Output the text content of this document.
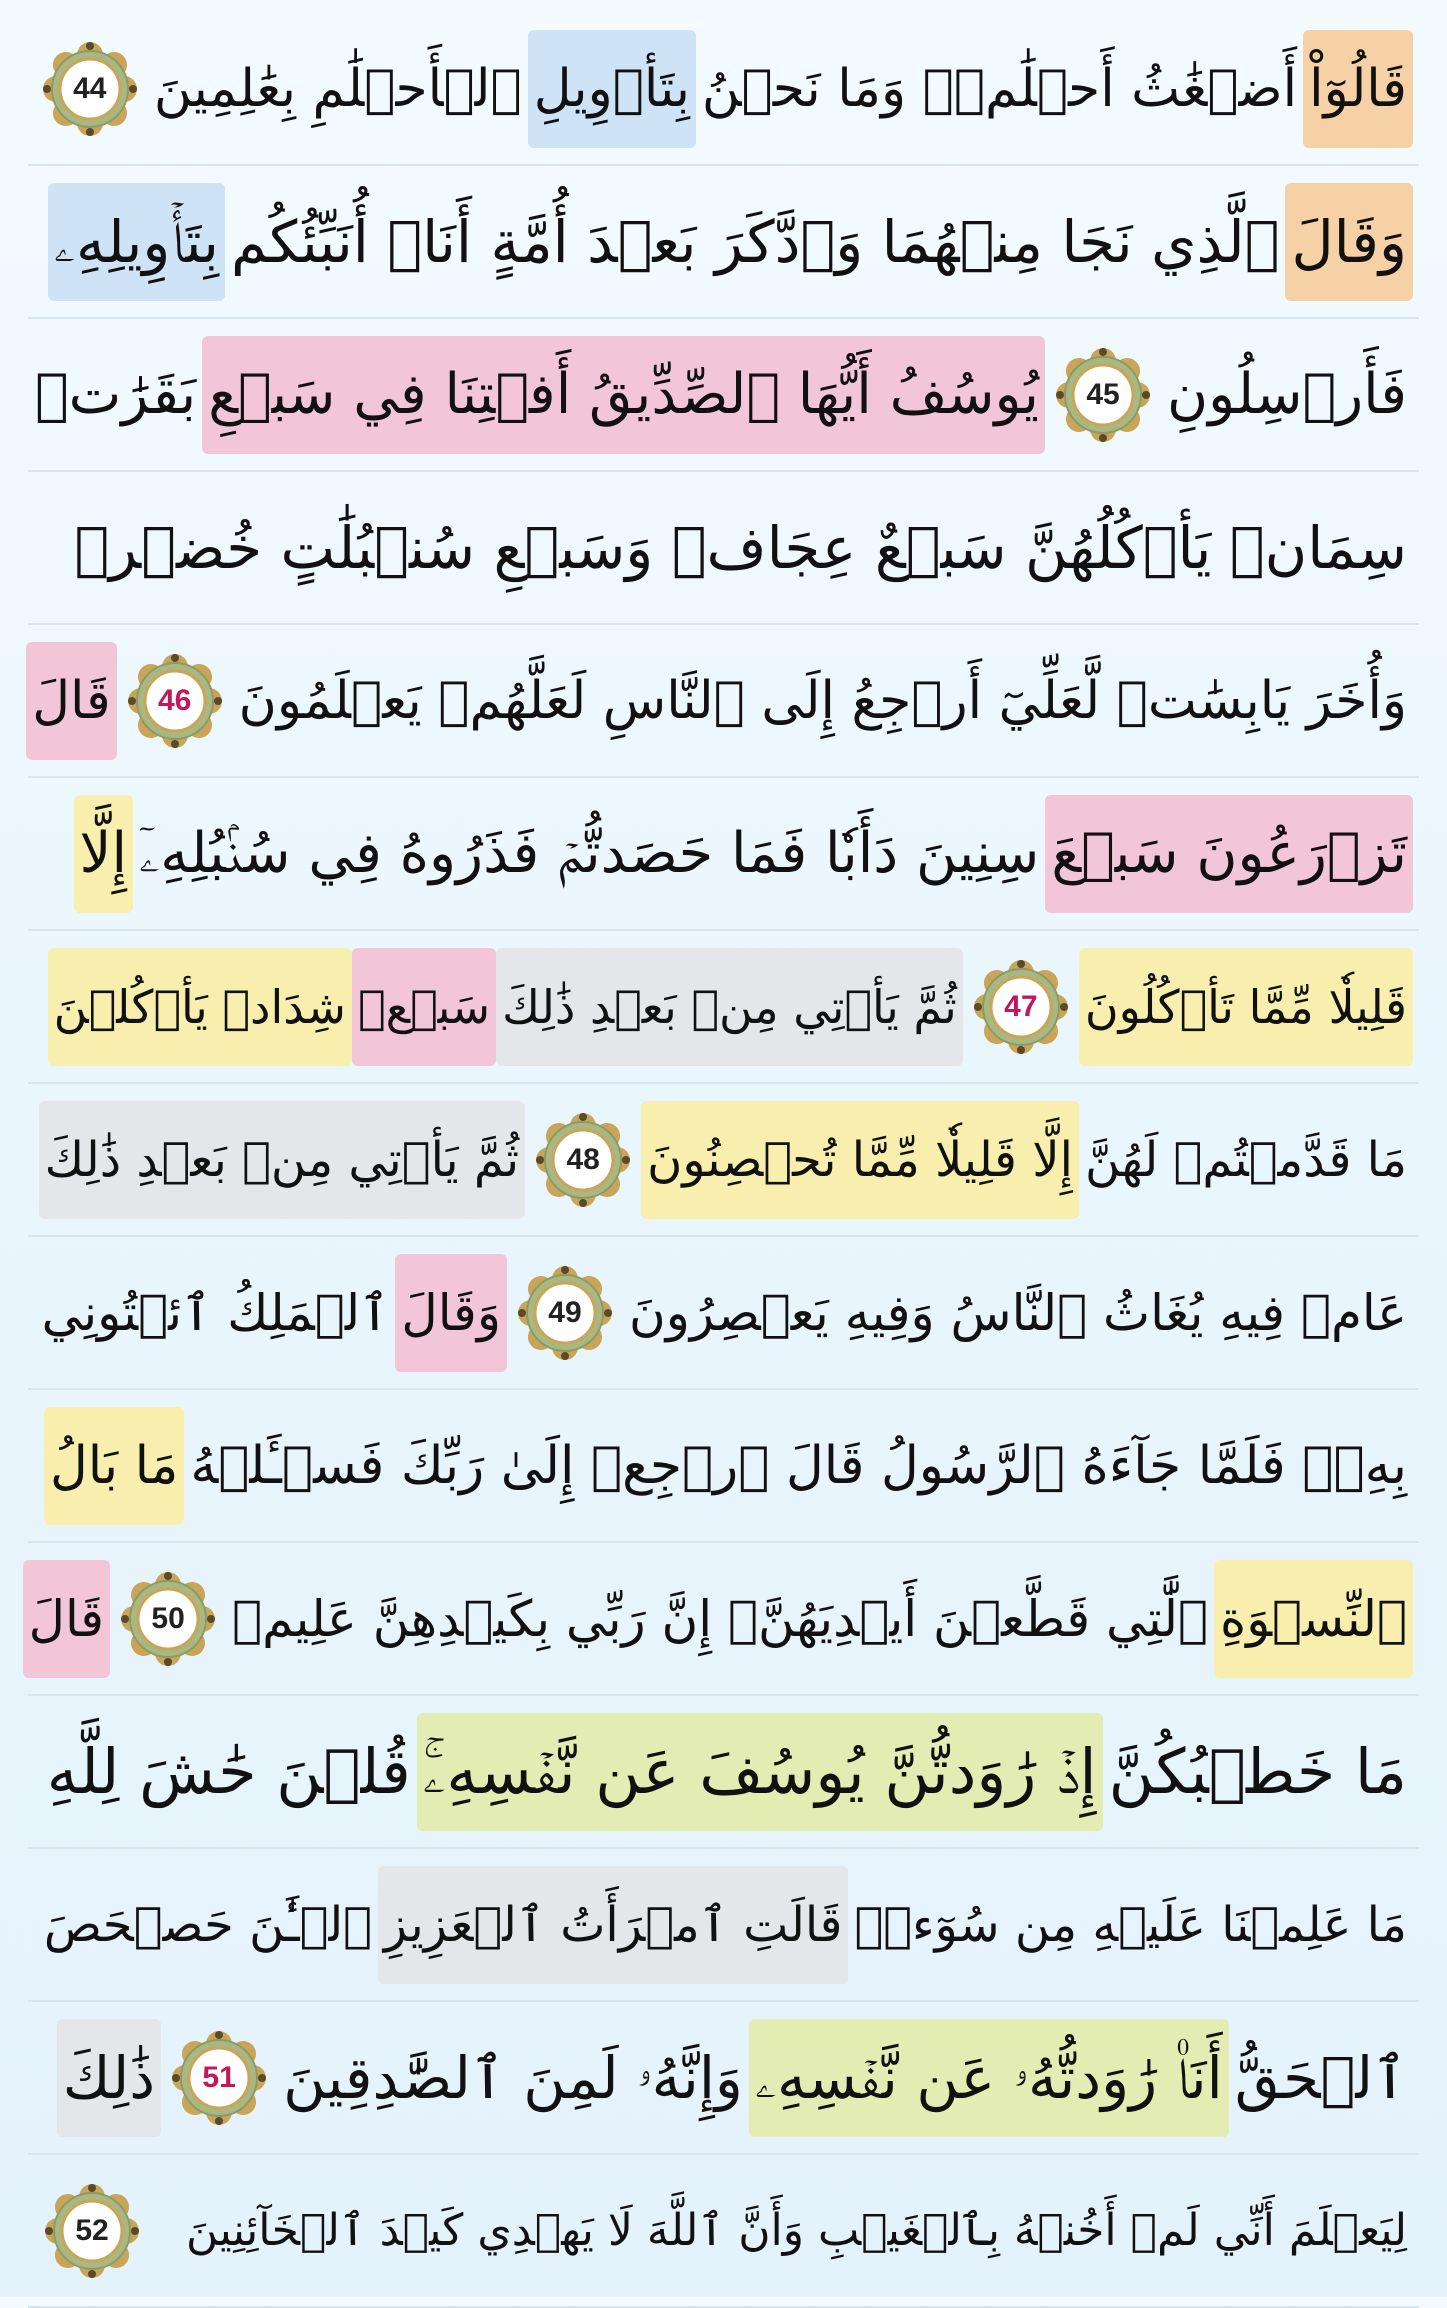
قَالُوٓاْ
أَضۡغَٰثُ أَحۡلَٰمٖۖ وَمَا نَحۡنُ
بِتَأۡوِيلِ
ٱلۡأَحۡلَٰمِ بِعَٰلِمِينَ
44
وَقَالَ
ٱلَّذِي نَجَا مِنۡهُمَا وَٱدَّكَرَ بَعۡدَ أُمَّةٍ أَنَا۠ أُنَبِّئُكُم
بِتَأۡوِيلِهِۦ
فَأَرۡسِلُونِ
45
يُوسُفُ أَيُّهَا ٱلصِّدِّيقُ أَفۡتِنَا فِي سَبۡعِ
بَقَرَٰتٖ
سِمَانٖ يَأۡكُلُهُنَّ سَبۡعٌ عِجَافٞ وَسَبۡعِ سُنۢبُلَٰتٍ خُضۡرٖ
وَأُخَرَ يَابِسَٰتٖ لَّعَلِّيٓ أَرۡجِعُ إِلَى ٱلنَّاسِ لَعَلَّهُمۡ يَعۡلَمُونَ
46
قَالَ
تَزۡرَعُونَ سَبۡعَ
سِنِينَ دَأَبٗا فَمَا حَصَدتُّمۡ فَذَرُوهُ فِي سُنۢبُلِهِۦٓ
إِلَّا
قَلِيلٗا مِّمَّا تَأۡكُلُونَ
47
ثُمَّ يَأۡتِي مِنۢ بَعۡدِ ذَٰلِكَ
سَبۡعٞ
شِدَادٞ يَأۡكُلۡنَ
مَا قَدَّمۡتُمۡ لَهُنَّ
إِلَّا قَلِيلٗا مِّمَّا تُحۡصِنُونَ
48
ثُمَّ يَأۡتِي مِنۢ بَعۡدِ ذَٰلِكَ
عَامٞ فِيهِ يُغَاثُ ٱلنَّاسُ وَفِيهِ يَعۡصِرُونَ
49
وَقَالَ
ٱلۡمَلِكُ ٱئۡتُونِي
بِهِۦۖ فَلَمَّا جَآءَهُ ٱلرَّسُولُ قَالَ ٱرۡجِعۡ إِلَىٰ رَبِّكَ فَسۡـَٔلۡهُ
مَا بَالُ
ٱلنِّسۡوَةِ
ٱلَّٰتِي قَطَّعۡنَ أَيۡدِيَهُنَّۚ إِنَّ رَبِّي بِكَيۡدِهِنَّ عَلِيمٞ
50
قَالَ
مَا خَطۡبُكُنَّ
إِذۡ رَٰوَدتُّنَّ يُوسُفَ عَن نَّفۡسِهِۦۚ
قُلۡنَ حَٰشَ لِلَّهِ
مَا عَلِمۡنَا عَلَيۡهِ مِن سُوٓءٖۚ
قَالَتِ ٱمۡرَأَتُ ٱلۡعَزِيزِ
ٱلۡـَٰٔنَ حَصۡحَصَ
ٱلۡحَقُّ
أَنَا۠ رَٰوَدتُّهُۥ عَن نَّفۡسِهِۦ
وَإِنَّهُۥ لَمِنَ ٱلصَّٰدِقِينَ
51
ذَٰلِكَ
لِيَعۡلَمَ أَنِّي لَمۡ أَخُنۡهُ بِٱلۡغَيۡبِ وَأَنَّ ٱللَّهَ لَا يَهۡدِي كَيۡدَ ٱلۡخَآئِنِينَ
52
